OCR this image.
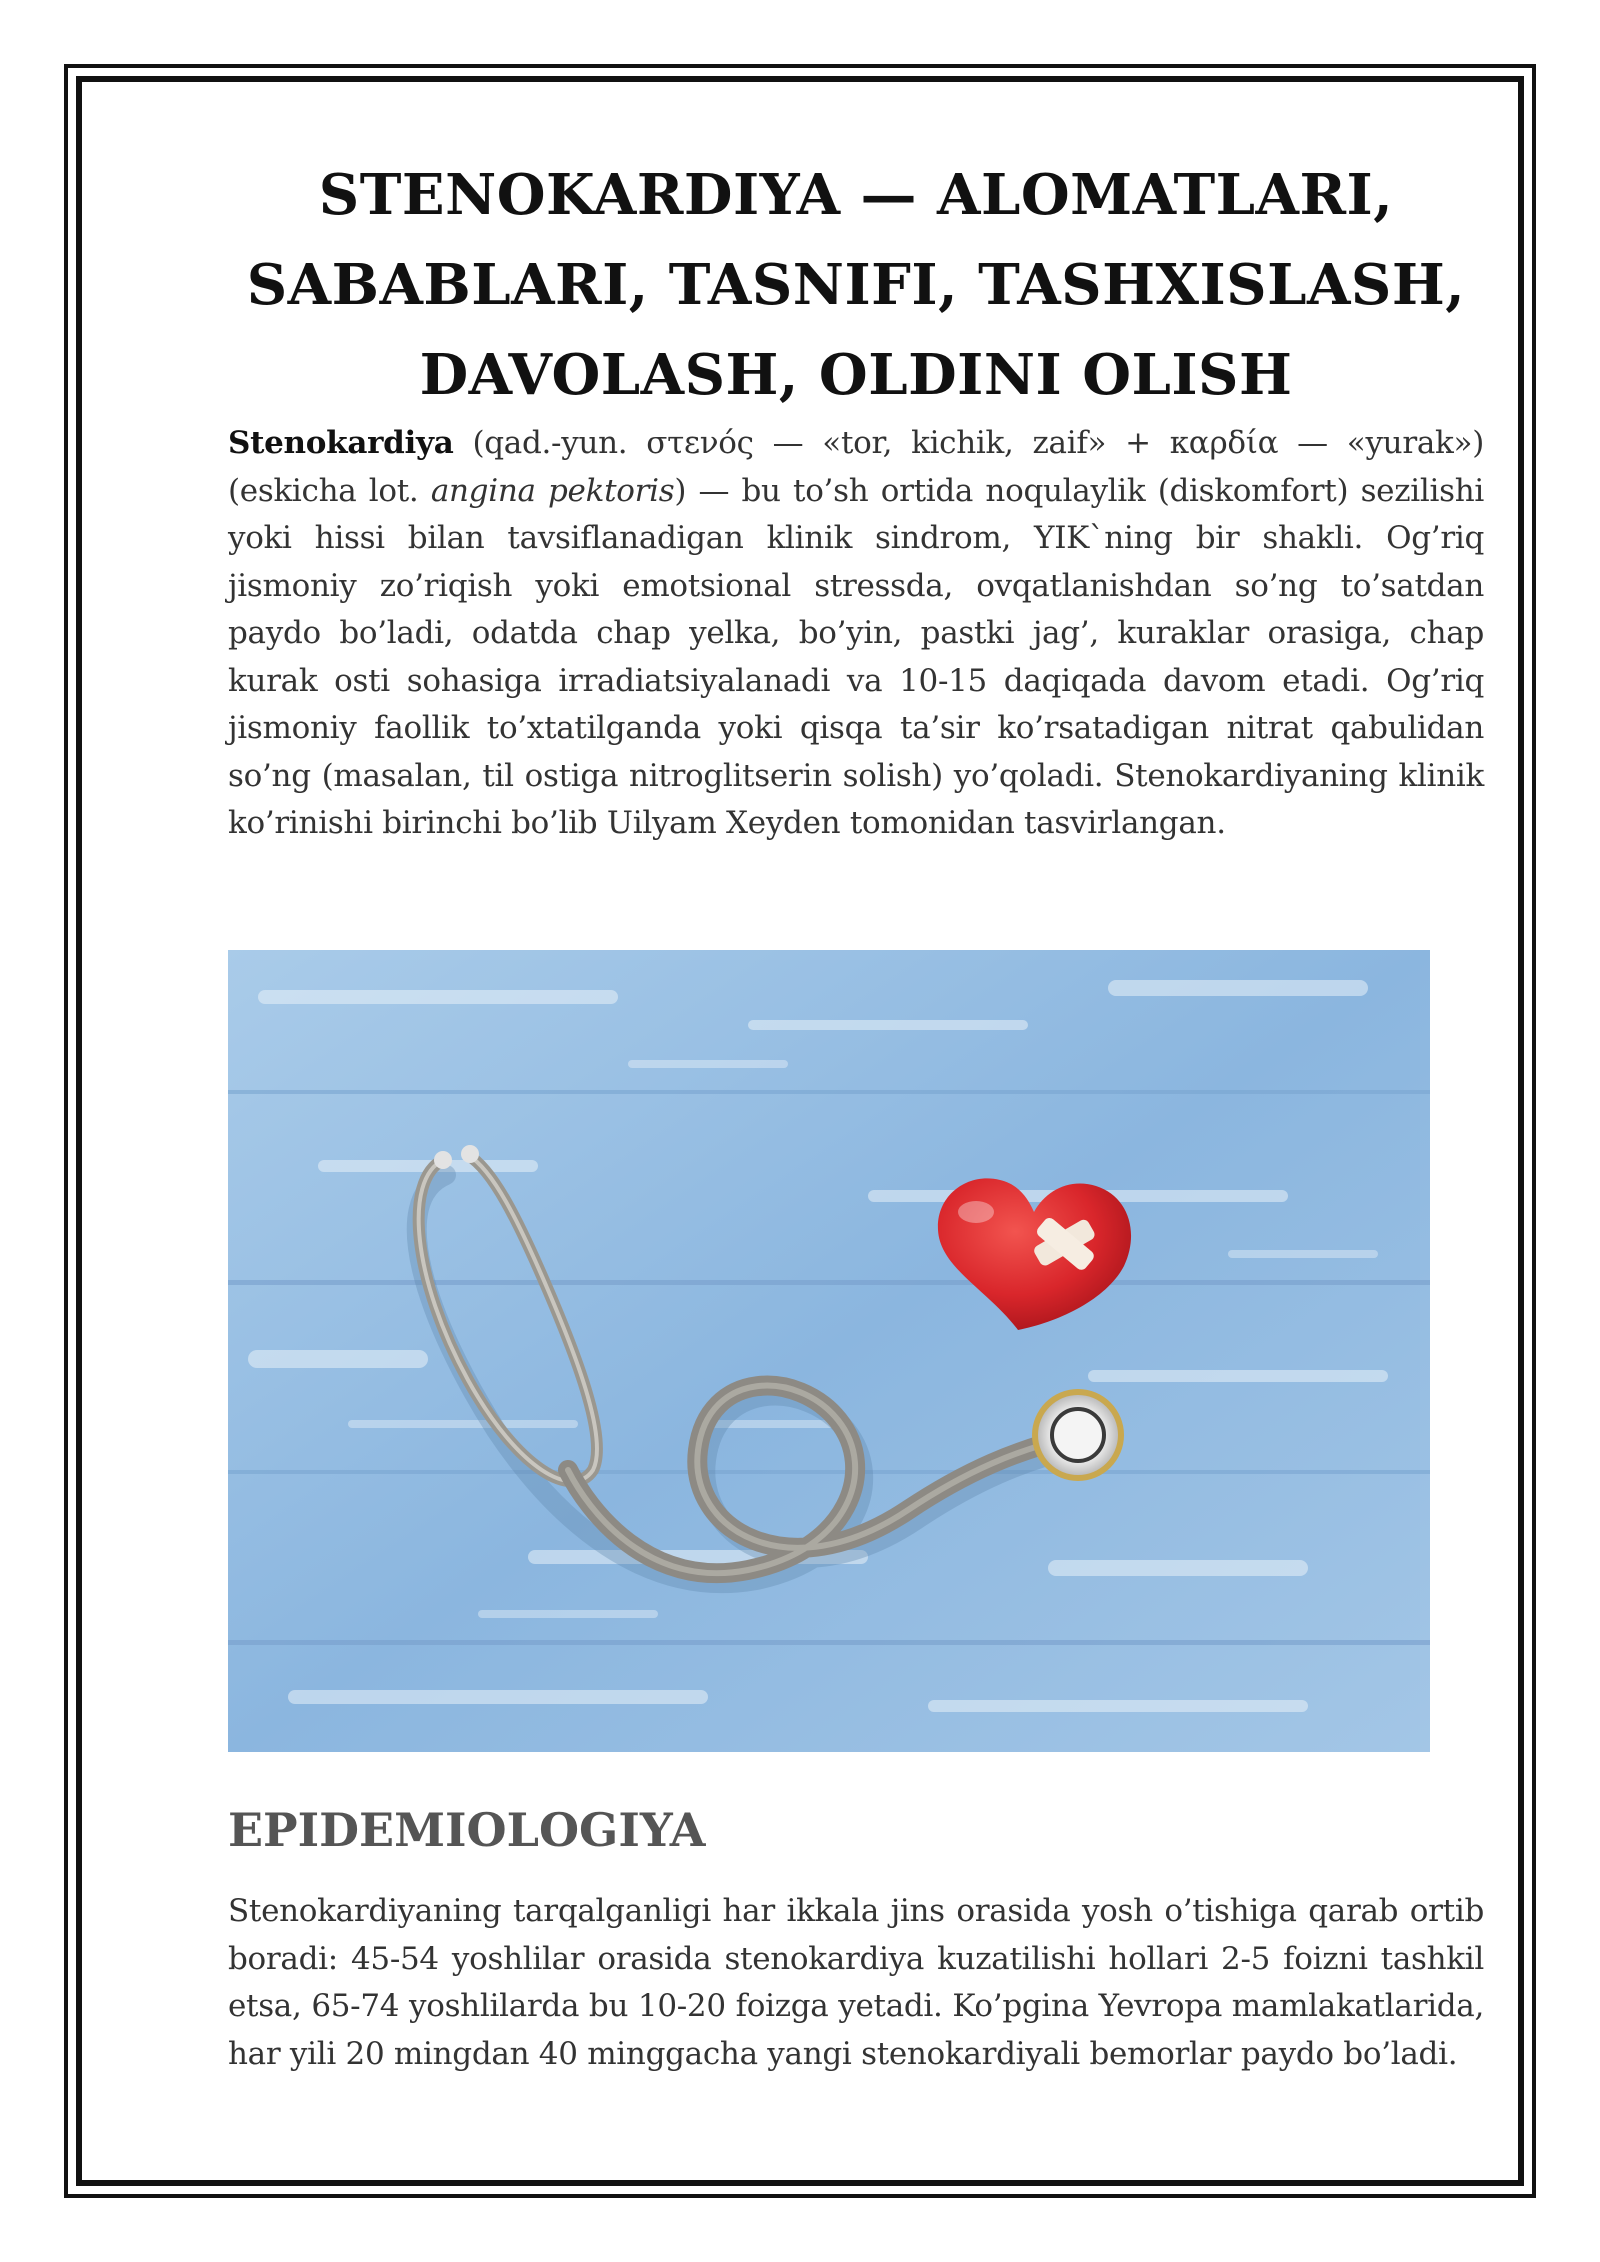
STENOKARDIYA — ALOMATLARI,
SABABLARI, TASNIFI, TASHXISLASH,
DAVOLASH, OLDINI OLISH

Stenokardiya (qad.-yun. στενός — «tor, kichik, zaif» + καρδία — «yurak») (eskicha lot. angina pektoris) — bu to’sh ortida noqulaylik (diskomfort) sezilishi yoki hissi bilan tavsiflanadigan klinik sindrom, YIK`ning bir shakli. Og’riq jismoniy zo’riqish yoki emotsional stressda, ovqatlanishdan so’ng to’satdan paydo bo’ladi, odatda chap yelka, bo’yin, pastki jag’, kuraklar orasiga, chap kurak osti sohasiga irradiatsiyalanadi va 10-15 daqiqada davom etadi. Og’riq jismoniy faollik to’xtatilganda yoki qisqa ta’sir ko’rsatadigan nitrat qabulidan so’ng (masalan, til ostiga nitroglitserin solish) yo’qoladi. Stenokardiyaning klinik ko’rinishi birinchi bo’lib Uilyam Xeyden tomonidan tasvirlangan.

EPIDEMIOLOGIYA

Stenokardiyaning tarqalganligi har ikkala jins orasida yosh o’tishiga qarab ortib boradi: 45-54 yoshlilar orasida stenokardiya kuzatilishi hollari 2-5 foizni tashkil etsa, 65-74 yoshlilarda bu 10-20 foizga yetadi. Ko’pgina Yevropa mamlakatlarida, har yili 20 mingdan 40 minggacha yangi stenokardiyali bemorlar paydo bo’ladi.
